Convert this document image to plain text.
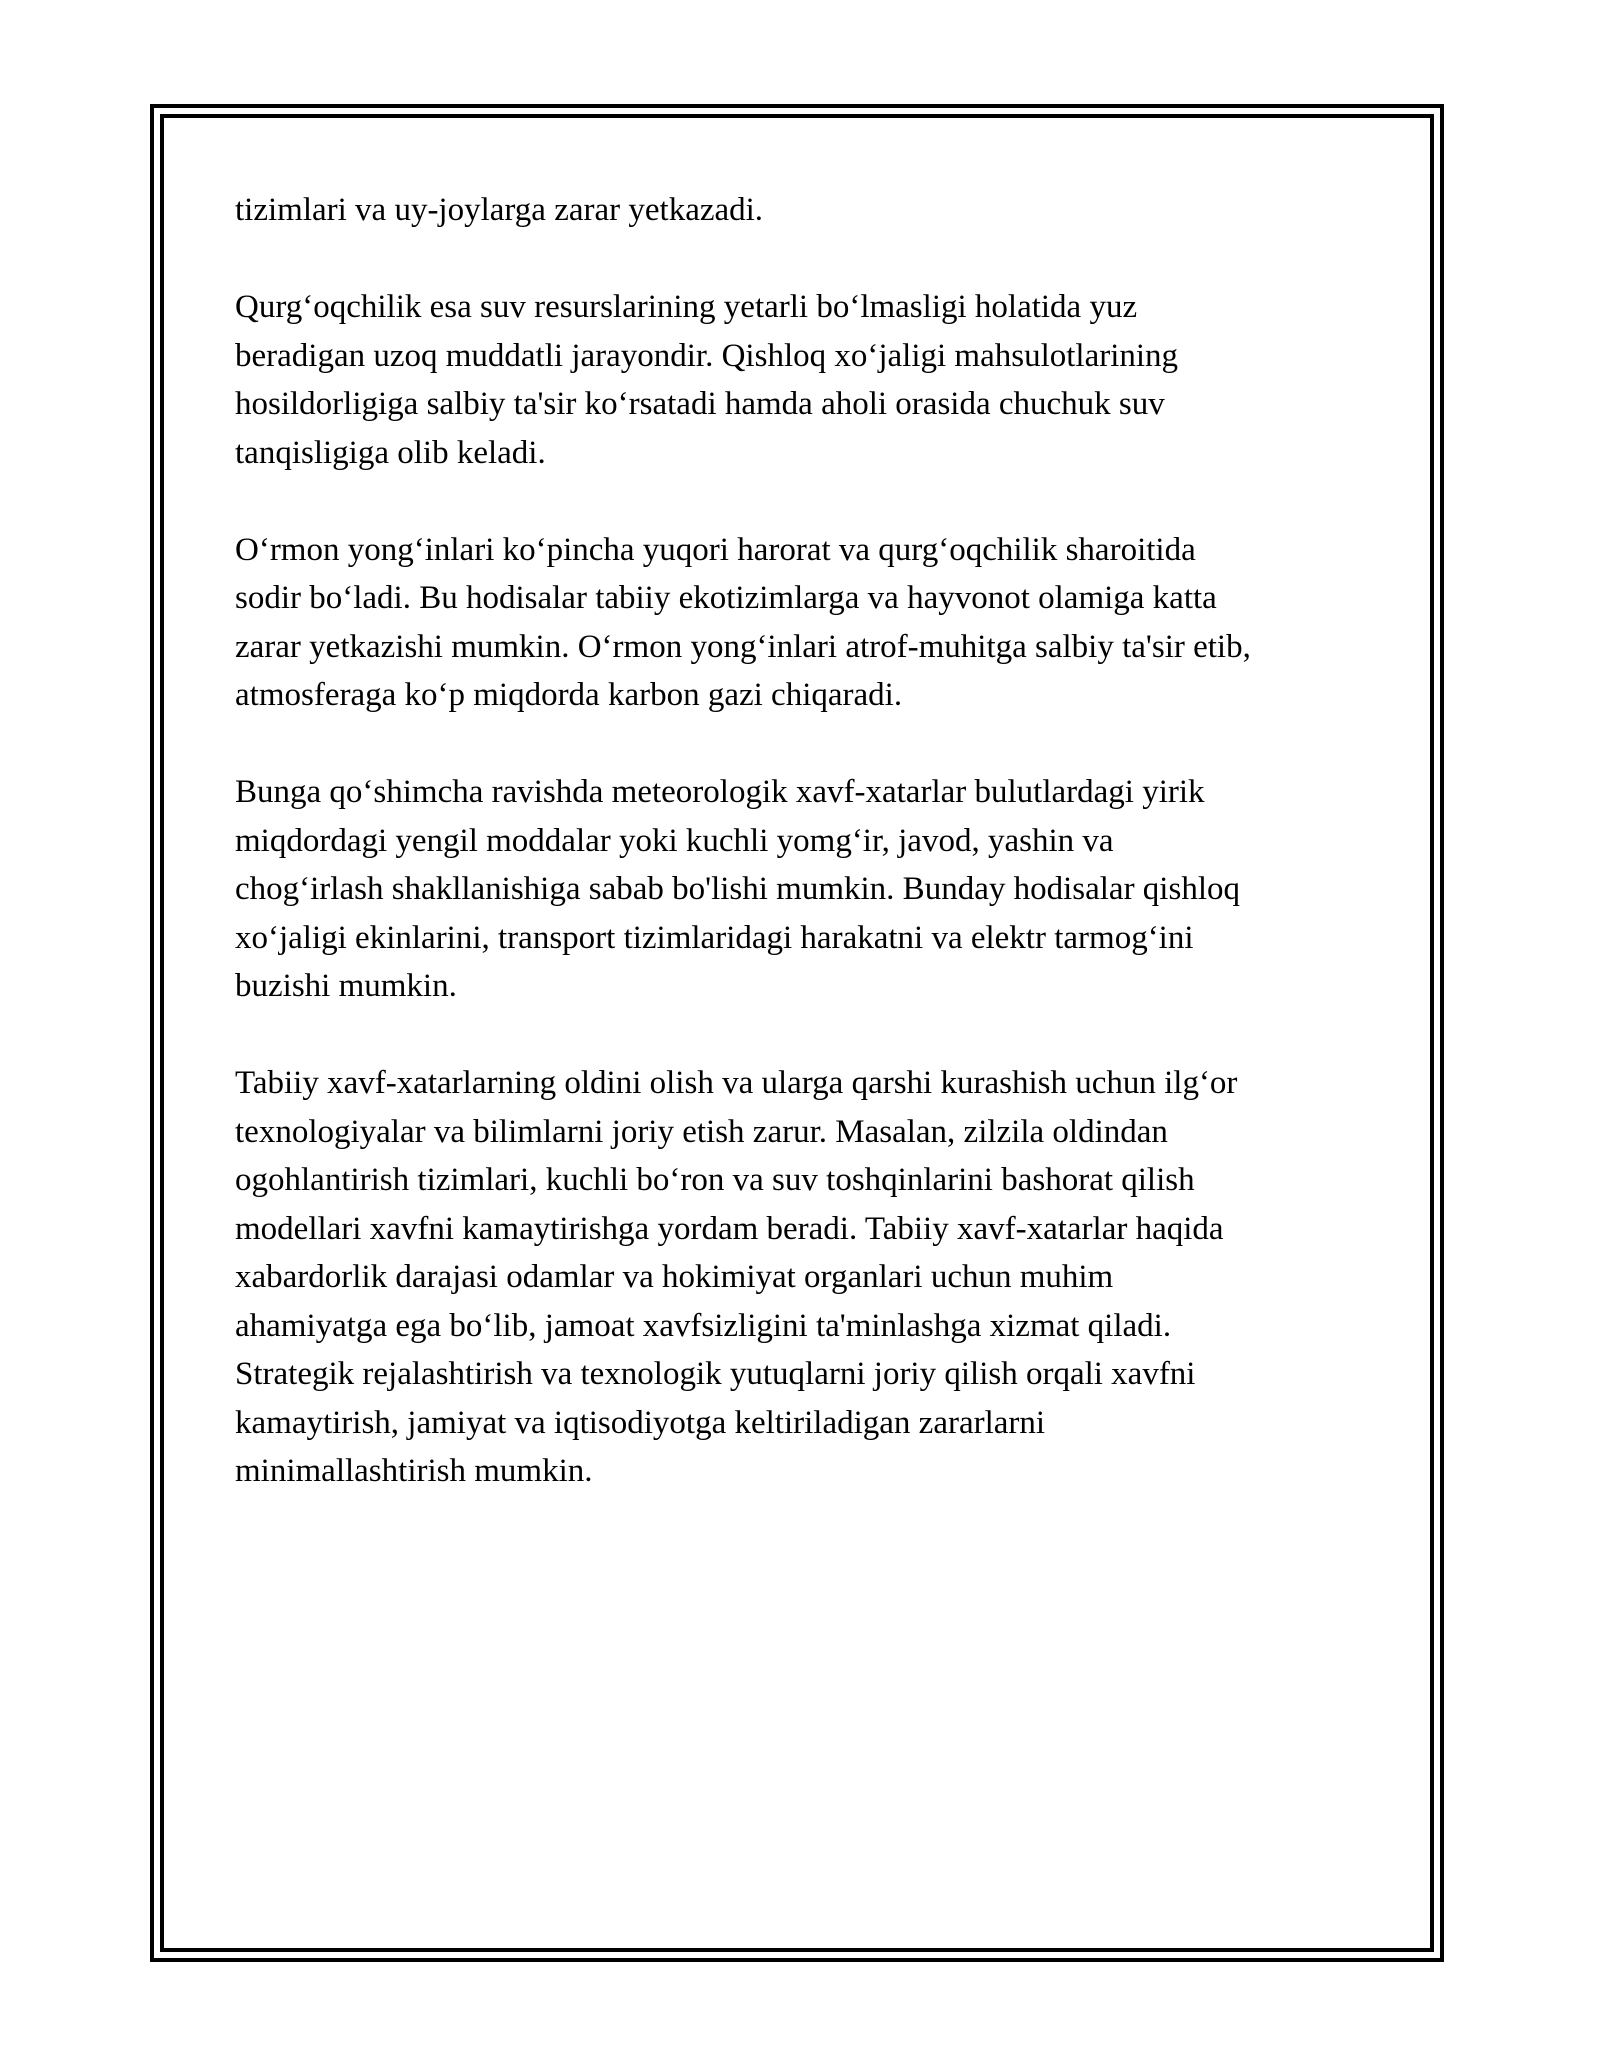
tizimlari va uy-joylarga zarar yetkazadi.

Qurg‘oqchilik esa suv resurslarining yetarli bo‘lmasligi holatida yuz
beradigan uzoq muddatli jarayondir. Qishloq xo‘jaligi mahsulotlarining
hosildorligiga salbiy ta'sir ko‘rsatadi hamda aholi orasida chuchuk suv
tanqisligiga olib keladi.

O‘rmon yong‘inlari ko‘pincha yuqori harorat va qurg‘oqchilik sharoitida
sodir bo‘ladi. Bu hodisalar tabiiy ekotizimlarga va hayvonot olamiga katta
zarar yetkazishi mumkin. O‘rmon yong‘inlari atrof-muhitga salbiy ta'sir etib,
atmosferaga ko‘p miqdorda karbon gazi chiqaradi.

Bunga qo‘shimcha ravishda meteorologik xavf-xatarlar bulutlardagi yirik
miqdordagi yengil moddalar yoki kuchli yomg‘ir, javod, yashin va
chog‘irlash shakllanishiga sabab bo'lishi mumkin. Bunday hodisalar qishloq
xo‘jaligi ekinlarini, transport tizimlaridagi harakatni va elektr tarmog‘ini
buzishi mumkin.

Tabiiy xavf-xatarlarning oldini olish va ularga qarshi kurashish uchun ilg‘or
texnologiyalar va bilimlarni joriy etish zarur. Masalan, zilzila oldindan
ogohlantirish tizimlari, kuchli bo‘ron va suv toshqinlarini bashorat qilish
modellari xavfni kamaytirishga yordam beradi. Tabiiy xavf-xatarlar haqida
xabardorlik darajasi odamlar va hokimiyat organlari uchun muhim
ahamiyatga ega bo‘lib, jamoat xavfsizligini ta'minlashga xizmat qiladi.
Strategik rejalashtirish va texnologik yutuqlarni joriy qilish orqali xavfni
kamaytirish, jamiyat va iqtisodiyotga keltiriladigan zararlarni
minimallashtirish mumkin.
